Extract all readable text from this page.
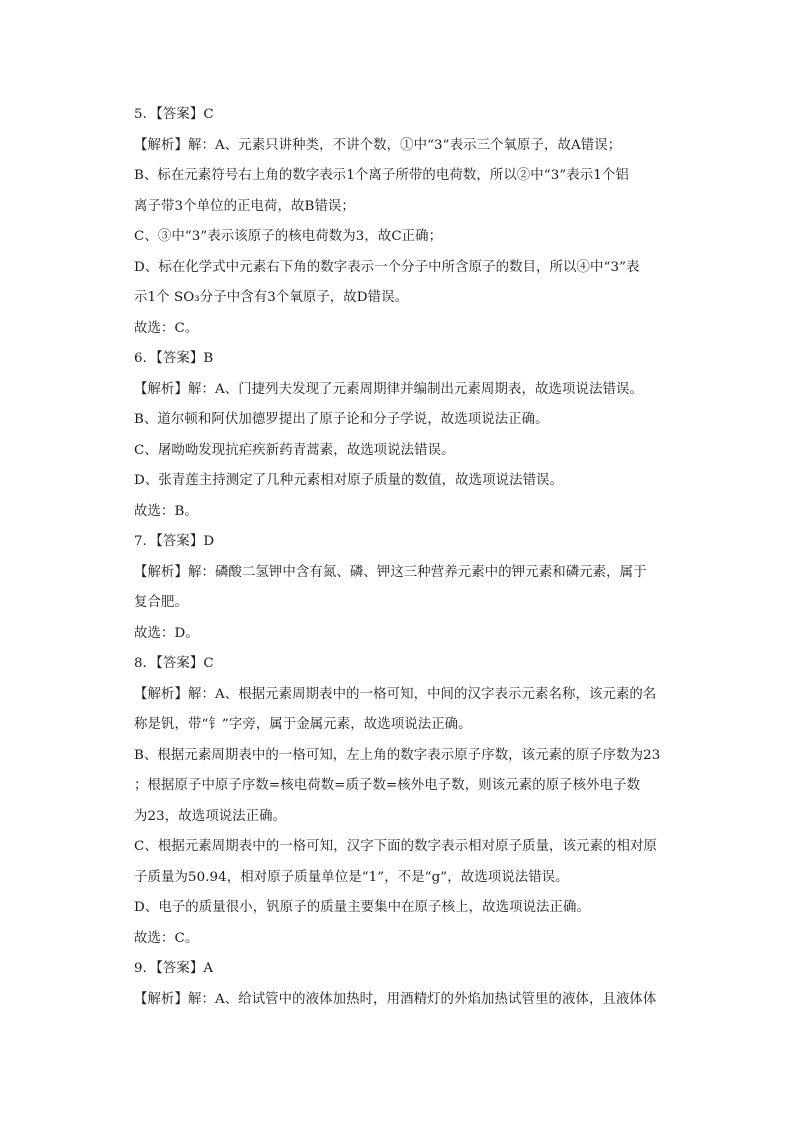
5．【答案】C
【解析】解：A、元素只讲种类，不讲个数，①中“3”表示三个氧原子，故A错误；
B、标在元素符号右上角的数字表示1个离子所带的电荷数，所以②中“3”表示1个铝
离子带3个单位的正电荷，故B错误；
C、③中“3”表示该原子的核电荷数为3，故C正确；
D、标在化学式中元素右下角的数字表示一个分子中所含原子的数目，所以④中“3”表
示1个 SO₃分子中含有3个氧原子，故D错误。
故选：C。
6．【答案】B
【解析】解：A、门捷列夫发现了元素周期律并编制出元素周期表，故选项说法错误。
B、道尔顿和阿伏加德罗提出了原子论和分子学说，故选项说法正确。
C、屠呦呦发现抗疟疾新药青蒿素，故选项说法错误。
D、张青莲主持测定了几种元素相对原子质量的数值，故选项说法错误。
故选：B。
7．【答案】D
【解析】解：磷酸二氢钾中含有氮、磷、钾这三种营养元素中的钾元素和磷元素，属于
复合肥。
故选：D。
8．【答案】C
【解析】解：A、根据元素周期表中的一格可知，中间的汉字表示元素名称，该元素的名
称是钒，带“钅”字旁，属于金属元素，故选项说法正确。
B、根据元素周期表中的一格可知，左上角的数字表示原子序数，该元素的原子序数为23
；根据原子中原子序数=核电荷数=质子数=核外电子数，则该元素的原子核外电子数
为23，故选项说法正确。
C、根据元素周期表中的一格可知，汉字下面的数字表示相对原子质量，该元素的相对原
子质量为50.94，相对原子质量单位是“1”，不是“g”，故选项说法错误。
D、电子的质量很小，钒原子的质量主要集中在原子核上，故选项说法正确。
故选：C。
9．【答案】A
【解析】解：A、给试管中的液体加热时，用酒精灯的外焰加热试管里的液体，且液体体
